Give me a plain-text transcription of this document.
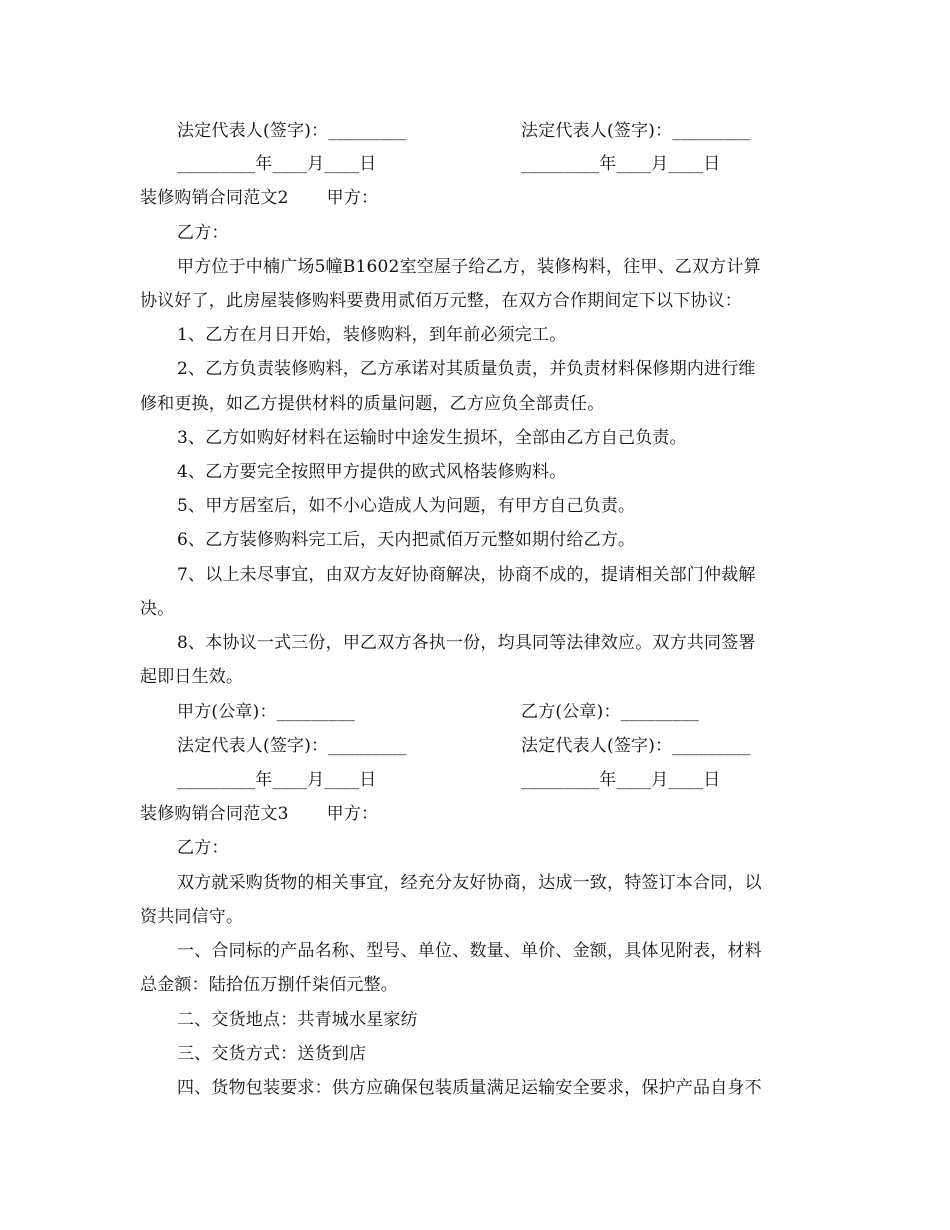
法定代表人(签字)：_________	法定代表人(签字)：_________
_________年____月____日	_________年____月____日
装修购销合同范文2 甲方：
乙方：
甲方位于中楠广场5幢B1602室空屋子给乙方，装修构料，往甲、乙双方计算
协议好了，此房屋装修购料要费用贰佰万元整，在双方合作期间定下以下协议：
1、乙方在月日开始，装修购料，到年前必须完工。
2、乙方负责装修购料，乙方承诺对其质量负责，并负责材料保修期内进行维
修和更换，如乙方提供材料的质量问题，乙方应负全部责任。
3、乙方如购好材料在运输时中途发生损坏，全部由乙方自己负责。
4、乙方要完全按照甲方提供的欧式风格装修购料。
5、甲方居室后，如不小心造成人为问题，有甲方自己负责。
6、乙方装修购料完工后，天内把贰佰万元整如期付给乙方。
7、以上未尽事宜，由双方友好协商解决，协商不成的，提请相关部门仲裁解
决。
8、本协议一式三份，甲乙双方各执一份，均具同等法律效应。双方共同签署
起即日生效。
甲方(公章)：_________	乙方(公章)：_________
法定代表人(签字)：_________	法定代表人(签字)：_________
_________年____月____日	_________年____月____日
装修购销合同范文3 甲方：
乙方：
双方就采购货物的相关事宜，经充分友好协商，达成一致，特签订本合同，以
资共同信守。
一、合同标的产品名称、型号、单位、数量、单价、金额，具体见附表，材料
总金额：陆拾伍万捌仟柒佰元整。
二、交货地点：共青城水星家纺
三、交货方式：送货到店
四、货物包装要求：供方应确保包装质量满足运输安全要求，保护产品自身不
